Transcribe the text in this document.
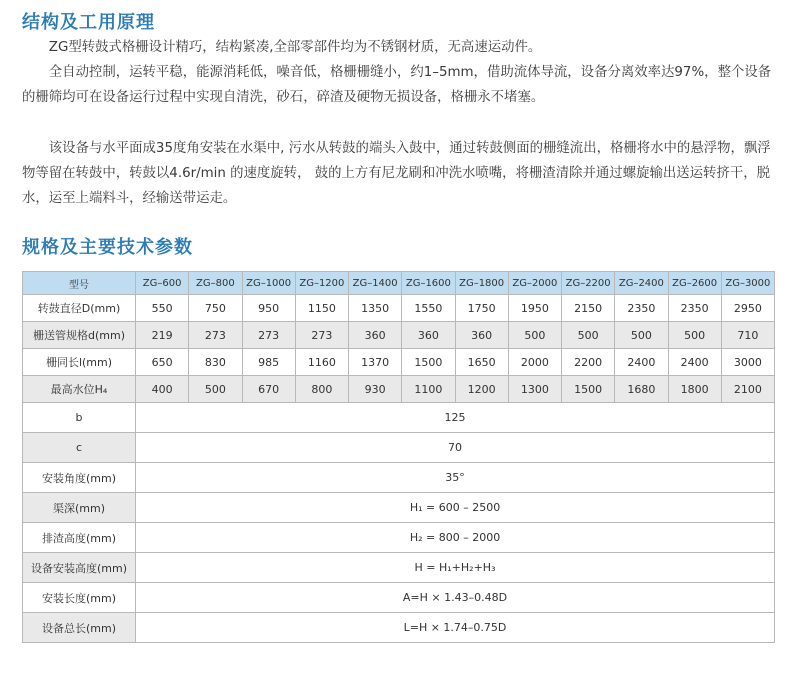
结构及工用原理

ZG型转鼓式格栅设计精巧，结构紧凑,全部零部件均为不锈钢材质，无高速运动件。

全自动控制，运转平稳，能源消耗低，噪音低，格栅栅缝小，约1–5mm，借助流体导流，设备分离效率达97%，整个设备的栅筛均可在设备运行过程中实现自清洗，砂石，碎渣及硬物无损设备，格栅永不堵塞。

该设备与水平面成35度角安装在水渠中, 污水从转鼓的端头入鼓中，通过转鼓侧面的栅缝流出，格栅将水中的悬浮物，飘浮物等留在转鼓中，转鼓以4.6r/min 的速度旋转， 鼓的上方有尼龙刷和冲洗水喷嘴，将栅渣清除并通过螺旋输出送运转挤干，脱水，运至上端料斗，经输送带运走。

规格及主要技术参数
型号	ZG–600	ZG–800	ZG–1000	ZG–1200	ZG–1400	ZG–1600	ZG–1800	ZG–2000	ZG–2200	ZG–2400	ZG–2600	ZG–3000
转鼓直径D(mm)	550	750	950	1150	1350	1550	1750	1950	2150	2350	2350	2950
栅送管规格d(mm)	219	273	273	273	360	360	360	500	500	500	500	710
栅同长l(mm)	650	830	985	1160	1370	1500	1650	2000	2200	2400	2400	3000
最高水位H₄	400	500	670	800	930	1100	1200	1300	1500	1680	1800	2100
b	125											
c	70											
安装角度(mm)	35°											
渠深(mm)	H₁ = 600 – 2500											
排渣高度(mm)	H₂ = 800 – 2000											
设备安装高度(mm)	H = H₁+H₂+H₃											
安装长度(mm)	A=H × 1.43–0.48D											
设备总长(mm)	L=H × 1.74–0.75D											
